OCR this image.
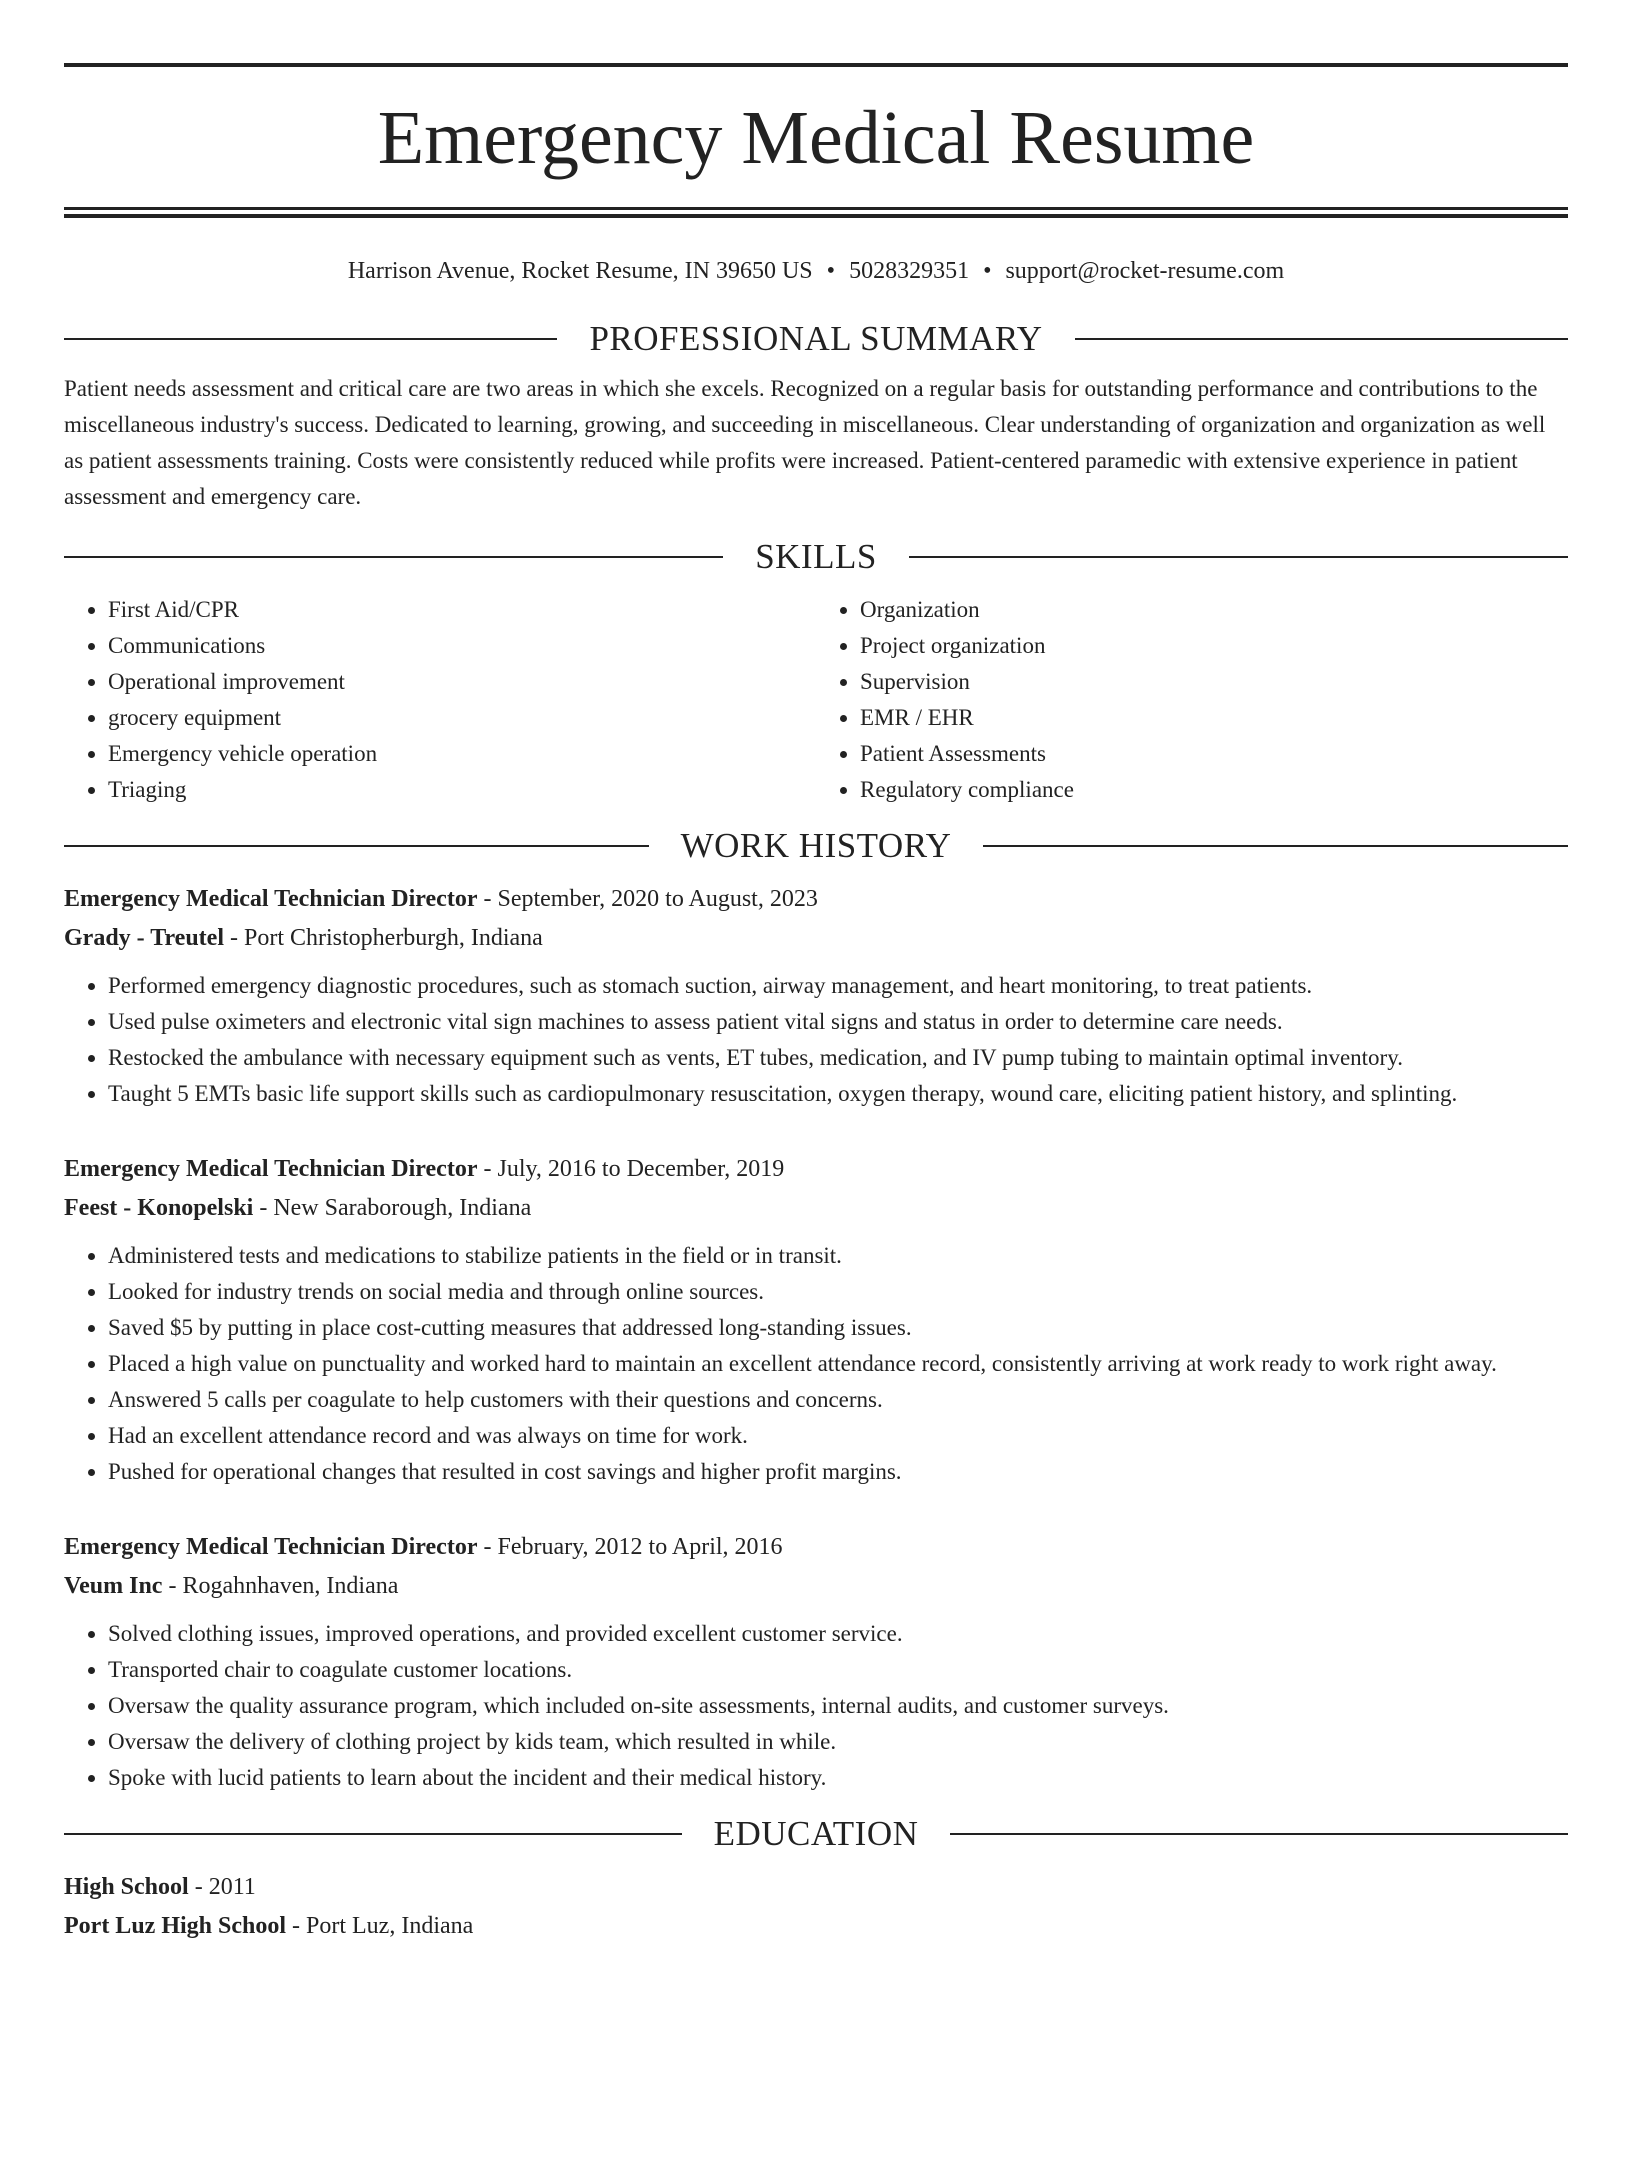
Emergency Medical Resume
Harrison Avenue, Rocket Resume, IN 39650 US • 5028329351 • support@rocket-resume.com
PROFESSIONAL SUMMARY

Patient needs assessment and critical care are two areas in which she excels. Recognized on a regular basis for outstanding performance and contributions to the miscellaneous industry's success. Dedicated to learning, growing, and succeeding in miscellaneous. Clear understanding of organization and organization as well as patient assessments training. Costs were consistently reduced while profits were increased. Patient-centered paramedic with extensive experience in patient assessment and emergency care.

SKILLS
• First Aid/CPR
• Communications
• Operational improvement
• grocery equipment
• Emergency vehicle operation
• Triaging
• Organization
• Project organization
• Supervision
• EMR / EHR
• Patient Assessments
• Regulatory compliance
WORK HISTORY
Emergency Medical Technician Director - September, 2020 to August, 2023
Grady - Treutel - Port Christopherburgh, Indiana
• Performed emergency diagnostic procedures, such as stomach suction, airway management, and heart monitoring, to treat patients.
• Used pulse oximeters and electronic vital sign machines to assess patient vital signs and status in order to determine care needs.
• Restocked the ambulance with necessary equipment such as vents, ET tubes, medication, and IV pump tubing to maintain optimal inventory.
• Taught 5 EMTs basic life support skills such as cardiopulmonary resuscitation, oxygen therapy, wound care, eliciting patient history, and splinting.
Emergency Medical Technician Director - July, 2016 to December, 2019
Feest - Konopelski - New Saraborough, Indiana
• Administered tests and medications to stabilize patients in the field or in transit.
• Looked for industry trends on social media and through online sources.
• Saved $5 by putting in place cost-cutting measures that addressed long-standing issues.
• Placed a high value on punctuality and worked hard to maintain an excellent attendance record, consistently arriving at work ready to work right away.
• Answered 5 calls per coagulate to help customers with their questions and concerns.
• Had an excellent attendance record and was always on time for work.
• Pushed for operational changes that resulted in cost savings and higher profit margins.
Emergency Medical Technician Director - February, 2012 to April, 2016
Veum Inc - Rogahnhaven, Indiana
• Solved clothing issues, improved operations, and provided excellent customer service.
• Transported chair to coagulate customer locations.
• Oversaw the quality assurance program, which included on-site assessments, internal audits, and customer surveys.
• Oversaw the delivery of clothing project by kids team, which resulted in while.
• Spoke with lucid patients to learn about the incident and their medical history.
EDUCATION
High School - 2011
Port Luz High School - Port Luz, Indiana
